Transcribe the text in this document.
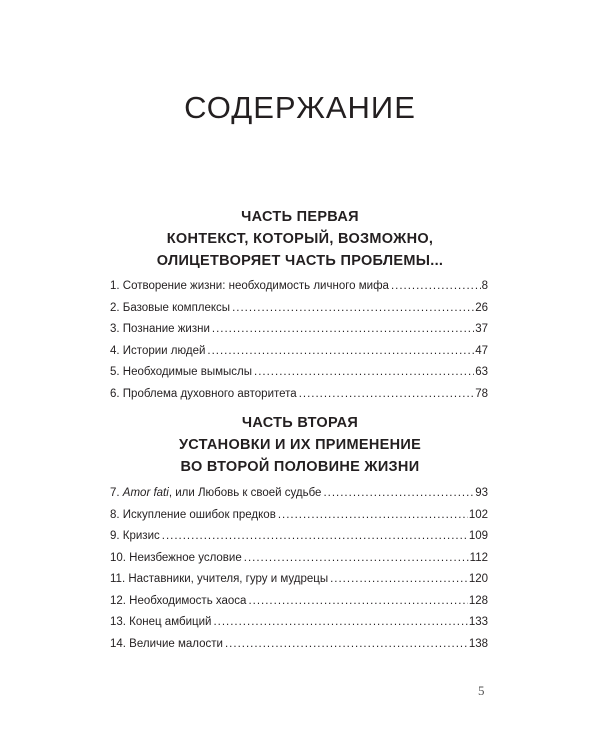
СОДЕРЖАНИЕ
ЧАСТЬ ПЕРВАЯ
КОНТЕКСТ, КОТОРЫЙ, ВОЗМОЖНО,
ОЛИЦЕТВОРЯЕТ ЧАСТЬ ПРОБЛЕМЫ...
1. Сотворение жизни: необходимость личного мифа .....	8
2. Базовые комплексы .....	26
3. Познание жизни .....	37
4. Истории людей .....	47
5. Необходимые вымыслы .....	63
6. Проблема духовного авторитета .....	78
ЧАСТЬ ВТОРАЯ
УСТАНОВКИ И ИХ ПРИМЕНЕНИЕ
ВО ВТОРОЙ ПОЛОВИНЕ ЖИЗНИ
7. Amor fati, или Любовь к своей судьбе .....	93
8. Искупление ошибок предков .....	102
9. Кризис .....	109
10. Неизбежное условие .....	112
11. Наставники, учителя, гуру и мудрецы .....	120
12. Необходимость хаоса .....	128
13. Конец амбиций .....	133
14. Величие малости .....	138
5
